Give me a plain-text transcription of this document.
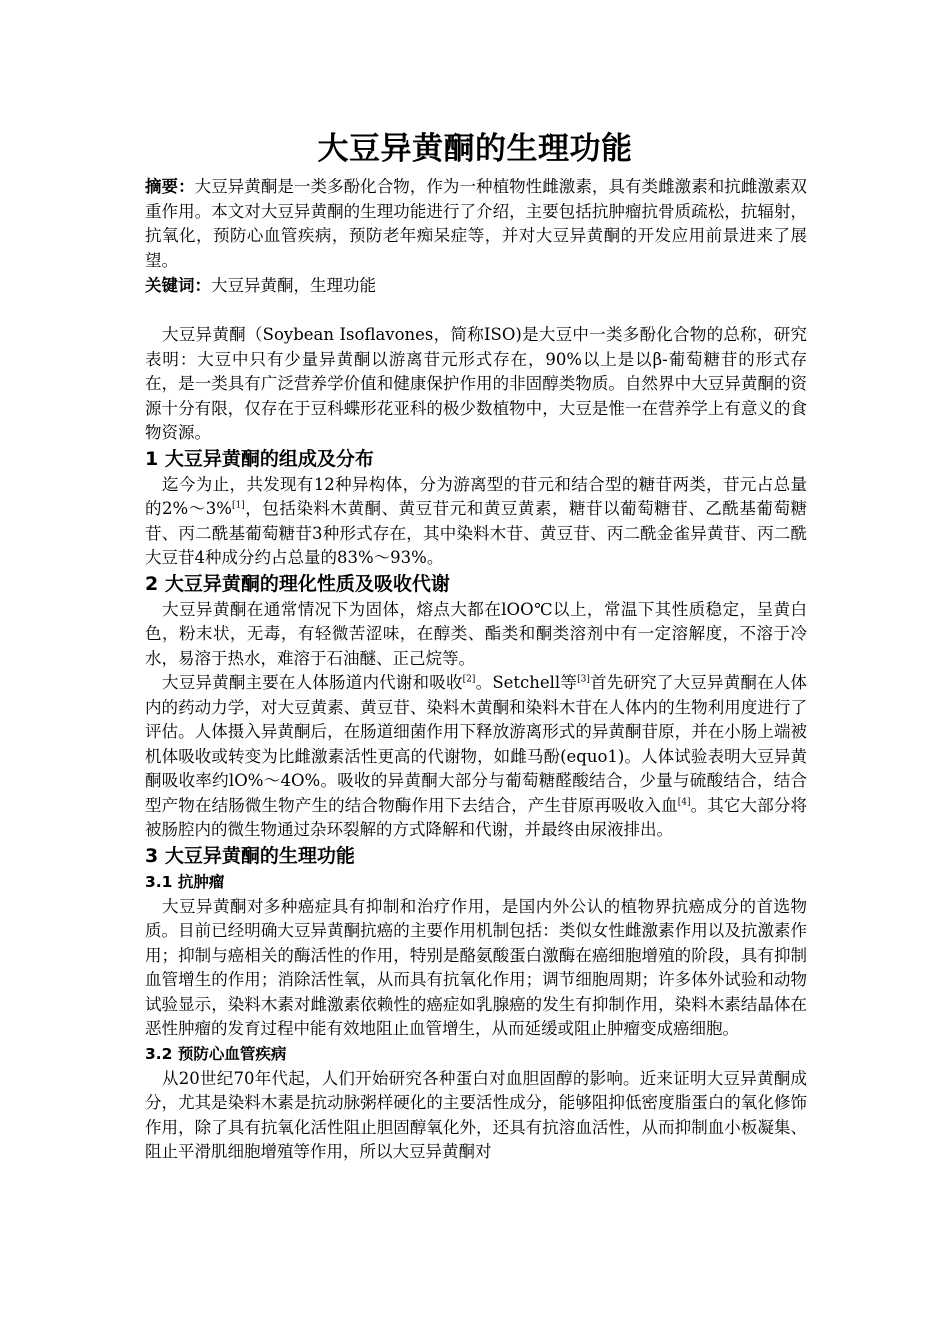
大豆异黄酮的生理功能

摘要：大豆异黄酮是一类多酚化合物，作为一种植物性雌激素，具有类雌激素和抗雌激素双重作用。本文对大豆异黄酮的生理功能进行了介绍，主要包括抗肿瘤抗骨质疏松，抗辐射，抗氧化，预防心血管疾病，预防老年痴呆症等，并对大豆异黄酮的开发应用前景进来了展望。

关键词：大豆异黄酮，生理功能

大豆异黄酮（Soybean Isoflavones，简称ISO)是大豆中一类多酚化合物的总称，研究表明：大豆中只有少量异黄酮以游离苷元形式存在，90%以上是以β-葡萄糖苷的形式存在，是一类具有广泛营养学价值和健康保护作用的非固醇类物质。自然界中大豆异黄酮的资源十分有限，仅存在于豆科蝶形花亚科的极少数植物中，大豆是惟一在营养学上有意义的食物资源。

1 大豆异黄酮的组成及分布

迄今为止，共发现有12种异构体，分为游离型的苷元和结合型的糖苷两类，苷元占总量的2%～3%[1]，包括染料木黄酮、黄豆苷元和黄豆黄素，糖苷以葡萄糖苷、乙酰基葡萄糖苷、丙二酰基葡萄糖苷3种形式存在，其中染料木苷、黄豆苷、丙二酰金雀异黄苷、丙二酰大豆苷4种成分约占总量的83%～93%。

2 大豆异黄酮的理化性质及吸收代谢

大豆异黄酮在通常情况下为固体，熔点大都在lOO℃以上，常温下其性质稳定，呈黄白色，粉末状，无毒，有轻微苦涩味，在醇类、酯类和酮类溶剂中有一定溶解度，不溶于冷水，易溶于热水，难溶于石油醚、正己烷等。

大豆异黄酮主要在人体肠道内代谢和吸收[2]。Setchell等[3]首先研究了大豆异黄酮在人体内的药动力学，对大豆黄素、黄豆苷、染料木黄酮和染料木苷在人体内的生物利用度进行了评估。人体摄入异黄酮后，在肠道细菌作用下释放游离形式的异黄酮苷原，并在小肠上端被机体吸收或转变为比雌激素活性更高的代谢物，如雌马酚(equo1)。人体试验表明大豆异黄酮吸收率约lO%～4O%。吸收的异黄酮大部分与葡萄糖醛酸结合，少量与硫酸结合，结合型产物在结肠微生物产生的结合物酶作用下去结合，产生苷原再吸收入血[4]。其它大部分将被肠腔内的微生物通过杂环裂解的方式降解和代谢，并最终由尿液排出。

3 大豆异黄酮的生理功能
3.1 抗肿瘤

大豆异黄酮对多种癌症具有抑制和治疗作用，是国内外公认的植物界抗癌成分的首选物质。目前已经明确大豆异黄酮抗癌的主要作用机制包括：类似女性雌激素作用以及抗激素作用；抑制与癌相关的酶活性的作用，特别是酪氨酸蛋白激酶在癌细胞增殖的阶段，具有抑制血管增生的作用；消除活性氧，从而具有抗氧化作用；调节细胞周期；许多体外试验和动物试验显示，染料木素对雌激素依赖性的癌症如乳腺癌的发生有抑制作用，染料木素结晶体在恶性肿瘤的发育过程中能有效地阻止血管增生，从而延缓或阻止肿瘤变成癌细胞。

3.2 预防心血管疾病

从20世纪70年代起，人们开始研究各种蛋白对血胆固醇的影响。近来证明大豆异黄酮成分，尤其是染料木素是抗动脉粥样硬化的主要活性成分，能够阻抑低密度脂蛋白的氧化修饰作用，除了具有抗氧化活性阻止胆固醇氧化外，还具有抗溶血活性，从而抑制血小板凝集、阻止平滑肌细胞增殖等作用，所以大豆异黄酮对
